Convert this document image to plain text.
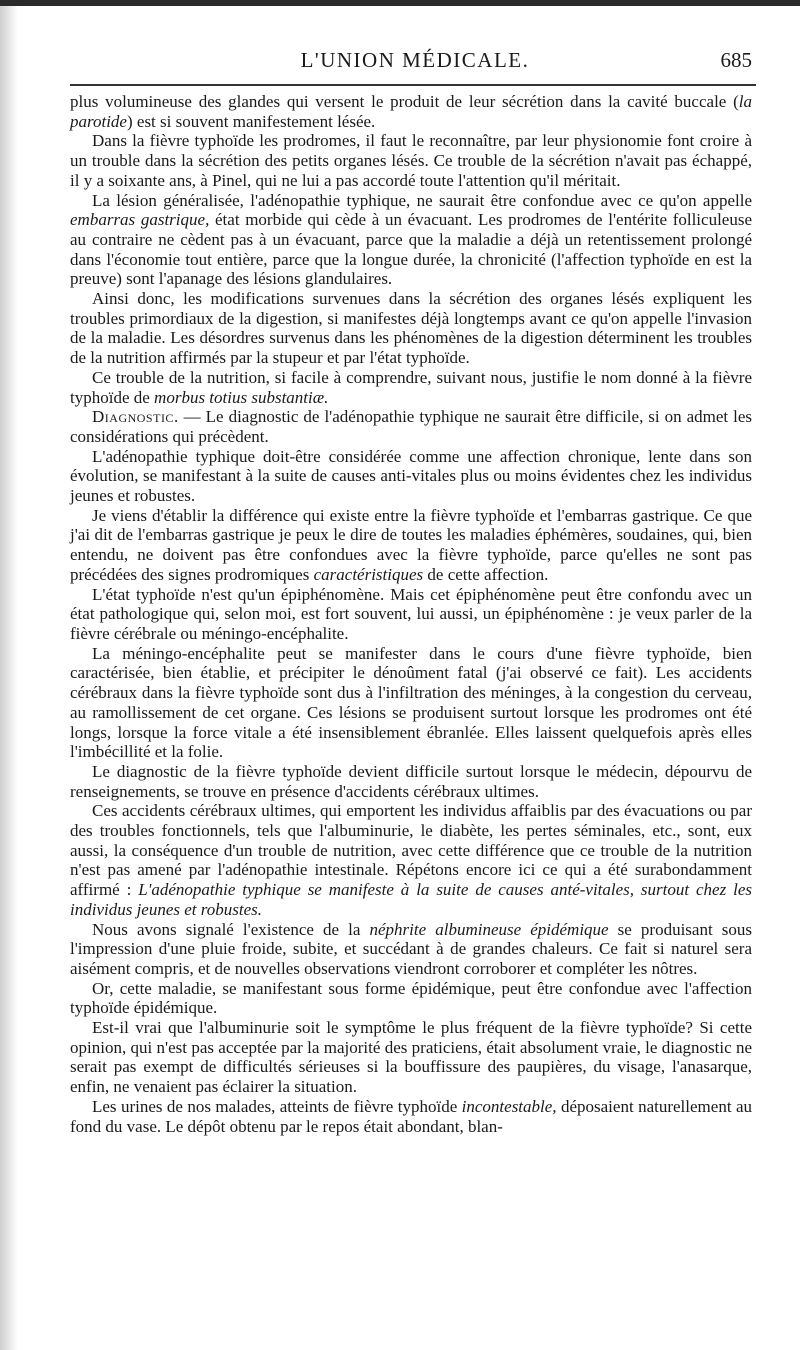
L'UNION MÉDICALE.	685

plus volumineuse des glandes qui versent le produit de leur sécrétion dans la cavité buccale (la parotide) est si souvent manifestement lésée.

Dans la fièvre typhoïde les prodromes, il faut le reconnaître, par leur physionomie font croire à un trouble dans la sécrétion des petits organes lésés. Ce trouble de la sécrétion n'avait pas échappé, il y a soixante ans, à Pinel, qui ne lui a pas accordé toute l'attention qu'il méritait.

La lésion généralisée, l'adénopathie typhique, ne saurait être confondue avec ce qu'on appelle embarras gastrique, état morbide qui cède à un évacuant. Les prodromes de l'entérite folliculeuse au contraire ne cèdent pas à un évacuant, parce que la maladie a déjà un retentissement prolongé dans l'économie tout entière, parce que la longue durée, la chronicité (l'affection typhoïde en est la preuve) sont l'apanage des lésions glandulaires.

Ainsi donc, les modifications survenues dans la sécrétion des organes lésés expliquent les troubles primordiaux de la digestion, si manifestes déjà longtemps avant ce qu'on appelle l'invasion de la maladie. Les désordres survenus dans les phénomènes de la digestion déterminent les troubles de la nutrition affirmés par la stupeur et par l'état typhoïde.

Ce trouble de la nutrition, si facile à comprendre, suivant nous, justifie le nom donné à la fièvre typhoïde de morbus totius substantiæ.

Diagnostic. — Le diagnostic de l'adénopathie typhique ne saurait être difficile, si on admet les considérations qui précèdent.

L'adénopathie typhique doit-être considérée comme une affection chronique, lente dans son évolution, se manifestant à la suite de causes anti-vitales plus ou moins évidentes chez les individus jeunes et robustes.

Je viens d'établir la différence qui existe entre la fièvre typhoïde et l'embarras gastrique. Ce que j'ai dit de l'embarras gastrique je peux le dire de toutes les maladies éphémères, soudaines, qui, bien entendu, ne doivent pas être confondues avec la fièvre typhoïde, parce qu'elles ne sont pas précédées des signes prodromiques caractéristiques de cette affection.

L'état typhoïde n'est qu'un épiphénomène. Mais cet épiphénomène peut être confondu avec un état pathologique qui, selon moi, est fort souvent, lui aussi, un épiphénomène : je veux parler de la fièvre cérébrale ou méningo-encéphalite.

La méningo-encéphalite peut se manifester dans le cours d'une fièvre typhoïde, bien caractérisée, bien établie, et précipiter le dénoûment fatal (j'ai observé ce fait). Les accidents cérébraux dans la fièvre typhoïde sont dus à l'infiltration des méninges, à la congestion du cerveau, au ramollissement de cet organe. Ces lésions se produisent surtout lorsque les prodromes ont été longs, lorsque la force vitale a été insensiblement ébranlée. Elles laissent quelquefois après elles l'imbécillité et la folie.

Le diagnostic de la fièvre typhoïde devient difficile surtout lorsque le médecin, dépourvu de renseignements, se trouve en présence d'accidents cérébraux ultimes.

Ces accidents cérébraux ultimes, qui emportent les individus affaiblis par des évacuations ou par des troubles fonctionnels, tels que l'albuminurie, le diabète, les pertes séminales, etc., sont, eux aussi, la conséquence d'un trouble de nutrition, avec cette différence que ce trouble de la nutrition n'est pas amené par l'adénopathie intestinale. Répétons encore ici ce qui a été surabondamment affirmé : L'adénopathie typhique se manifeste à la suite de causes anté-vitales, surtout chez les individus jeunes et robustes.

Nous avons signalé l'existence de la néphrite albumineuse épidémique se produisant sous l'impression d'une pluie froide, subite, et succédant à de grandes chaleurs. Ce fait si naturel sera aisément compris, et de nouvelles observations viendront corroborer et compléter les nôtres.

Or, cette maladie, se manifestant sous forme épidémique, peut être confondue avec l'affection typhoïde épidémique.

Est-il vrai que l'albuminurie soit le symptôme le plus fréquent de la fièvre typhoïde? Si cette opinion, qui n'est pas acceptée par la majorité des praticiens, était absolument vraie, le diagnostic ne serait pas exempt de difficultés sérieuses si la bouffissure des paupières, du visage, l'anasarque, enfin, ne venaient pas éclairer la situation.

Les urines de nos malades, atteints de fièvre typhoïde incontestable, déposaient naturellement au fond du vase. Le dépôt obtenu par le repos était abondant, blan-
